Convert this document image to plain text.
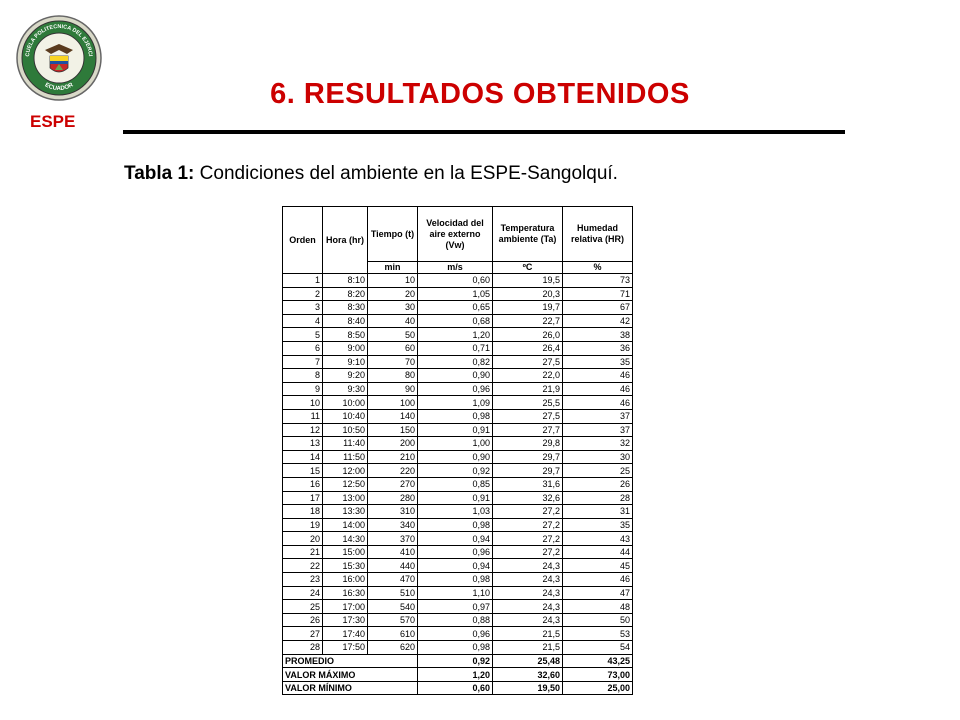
CUELA POLITECNICA DEL EJERCI
ECUADOR
ESPE
6. RESULTADOS OBTENIDOS
Tabla 1: Condiciones del ambiente en la ESPE-Sangolquí.
Orden	Hora (hr)	Tiempo (t)	Velocidad del aire externo (Vw)	Temperatura ambiente (Ta)	Humedad relativa (HR)
		min	m/s	ºC	%
1	8:10	10	0,60	19,5	73
2	8:20	20	1,05	20,3	71
3	8:30	30	0,65	19,7	67
4	8:40	40	0,68	22,7	42
5	8:50	50	1,20	26,0	38
6	9:00	60	0,71	26,4	36
7	9:10	70	0,82	27,5	35
8	9:20	80	0,90	22,0	46
9	9:30	90	0,96	21,9	46
10	10:00	100	1,09	25,5	46
11	10:40	140	0,98	27,5	37
12	10:50	150	0,91	27,7	37
13	11:40	200	1,00	29,8	32
14	11:50	210	0,90	29,7	30
15	12:00	220	0,92	29,7	25
16	12:50	270	0,85	31,6	26
17	13:00	280	0,91	32,6	28
18	13:30	310	1,03	27,2	31
19	14:00	340	0,98	27,2	35
20	14:30	370	0,94	27,2	43
21	15:00	410	0,96	27,2	44
22	15:30	440	0,94	24,3	45
23	16:00	470	0,98	24,3	46
24	16:30	510	1,10	24,3	47
25	17:00	540	0,97	24,3	48
26	17:30	570	0,88	24,3	50
27	17:40	610	0,96	21,5	53
28	17:50	620	0,98	21,5	54
PROMEDIO			0,92	25,48	43,25
VALOR MÁXIMO			1,20	32,60	73,00
VALOR MÍNIMO			0,60	19,50	25,00
